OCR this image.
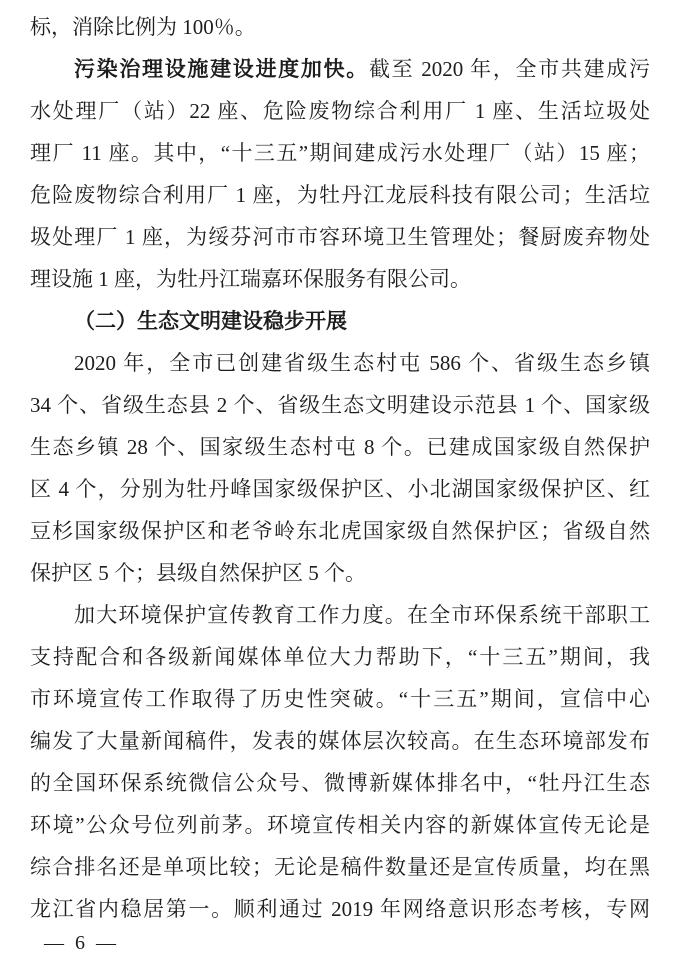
标，消除比例为 100％。
污染治理设施建设进度加快。截至 2020 年，全市共建成污
水处理厂（站）22 座、危险废物综合利用厂 1 座、生活垃圾处
理厂 11 座。其中，“十三五”期间建成污水处理厂（站）15 座；
危险废物综合利用厂 1 座，为牡丹江龙辰科技有限公司；生活垃
圾处理厂 1 座，为绥芬河市市容环境卫生管理处；餐厨废弃物处
理设施 1 座，为牡丹江瑞嘉环保服务有限公司。
（二）生态文明建设稳步开展
2020 年，全市已创建省级生态村屯 586 个、省级生态乡镇
34 个、省级生态县 2 个、省级生态文明建设示范县 1 个、国家级
生态乡镇 28 个、国家级生态村屯 8 个。已建成国家级自然保护
区 4 个，分别为牡丹峰国家级保护区、小北湖国家级保护区、红
豆杉国家级保护区和老爷岭东北虎国家级自然保护区；省级自然
保护区 5 个；县级自然保护区 5 个。
加大环境保护宣传教育工作力度。在全市环保系统干部职工
支持配合和各级新闻媒体单位大力帮助下，“十三五”期间，我
市环境宣传工作取得了历史性突破。“十三五”期间，宣信中心
编发了大量新闻稿件，发表的媒体层次较高。在生态环境部发布
的全国环保系统微信公众号、微博新媒体排名中，“牡丹江生态
环境”公众号位列前茅。环境宣传相关内容的新媒体宣传无论是
综合排名还是单项比较；无论是稿件数量还是宣传质量，均在黑
龙江省内稳居第一。顺利通过 2019 年网络意识形态考核，专网
— 6 —
